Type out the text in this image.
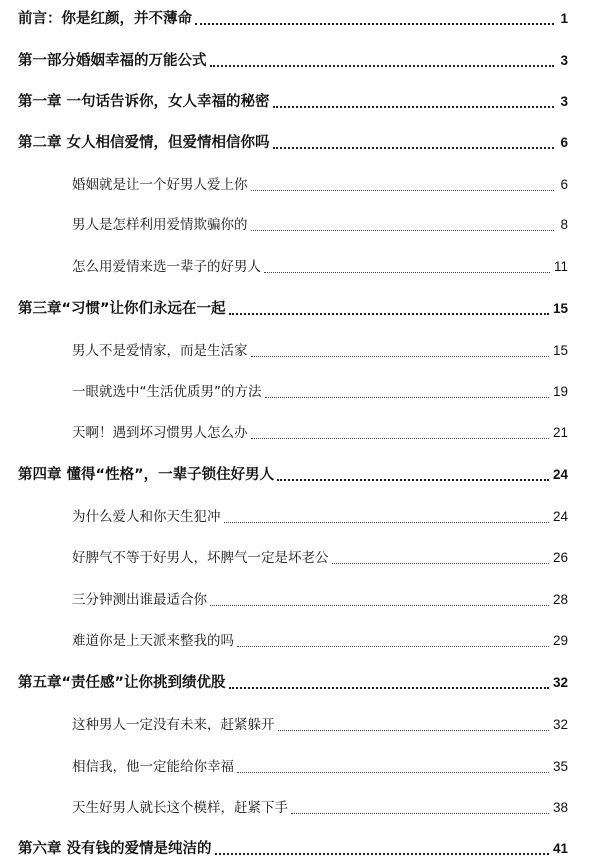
前言：你是红颜，并不薄命	1
第一部分婚姻幸福的万能公式	3
第一章 一句话告诉你，女人幸福的秘密	3
第二章 女人相信爱情，但爱情相信你吗	6
婚姻就是让一个好男人爱上你	6
男人是怎样利用爱情欺骗你的	8
怎么用爱情来选一辈子的好男人	11
第三章“习惯”让你们永远在一起	15
男人不是爱情家，而是生活家	15
一眼就选中“生活优质男”的方法	19
天啊！遇到坏习惯男人怎么办	21
第四章 懂得“性格”，一辈子锁住好男人	24
为什么爱人和你天生犯冲	24
好脾气不等于好男人，坏脾气一定是坏老公	26
三分钟测出谁最适合你	28
难道你是上天派来整我的吗	29
第五章“责任感”让你挑到绩优股	32
这种男人一定没有未来，赶紧躲开	32
相信我，他一定能给你幸福	35
天生好男人就长这个模样，赶紧下手	38
第六章 没有钱的爱情是纯洁的	41
